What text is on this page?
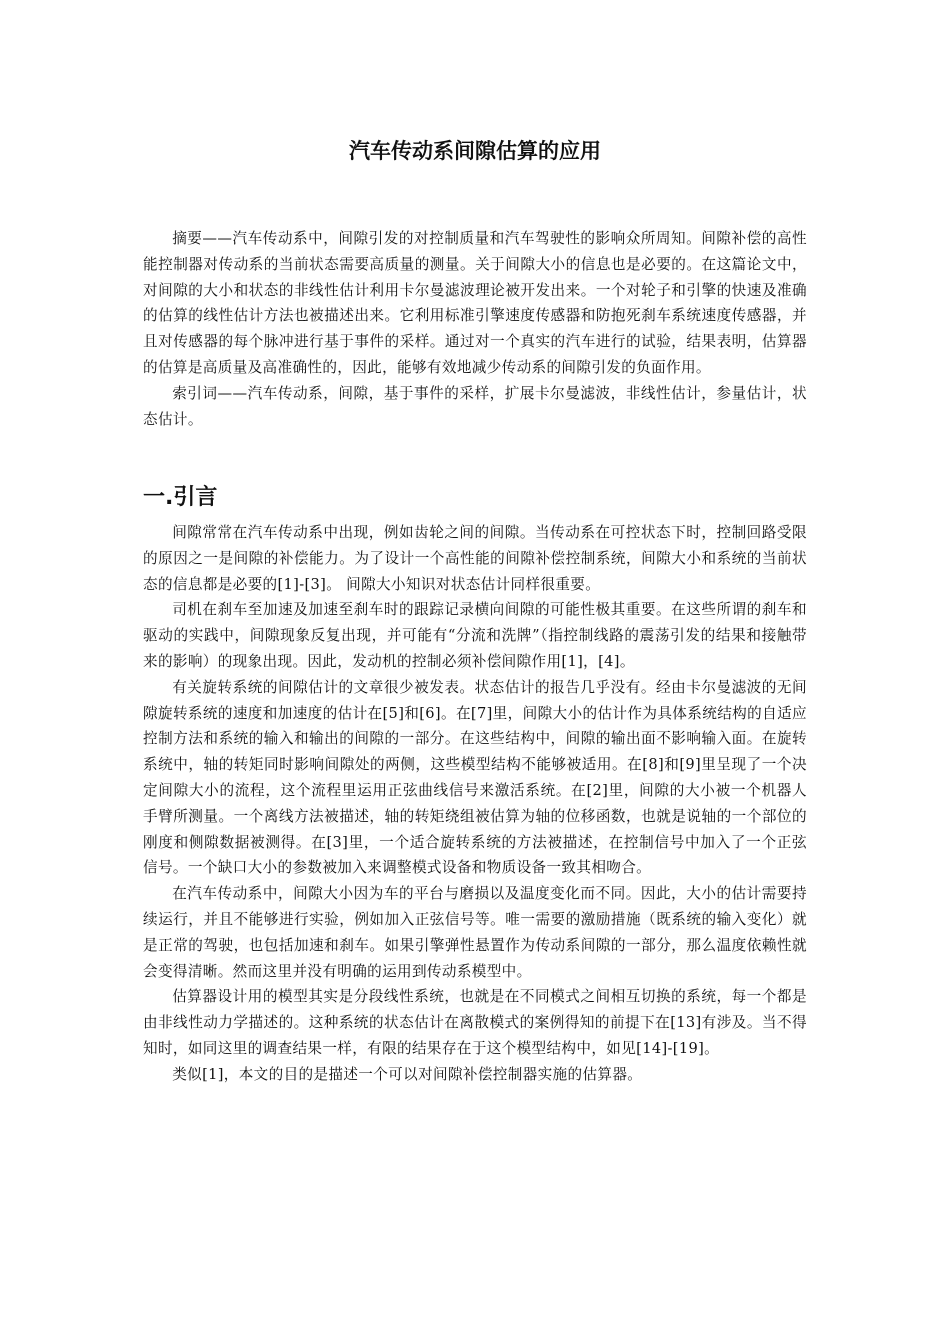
汽车传动系间隙估算的应用

摘要——汽车传动系中，间隙引发的对控制质量和汽车驾驶性的影响众所周知。间隙补偿的高性能控制器对传动系的当前状态需要高质量的测量。关于间隙大小的信息也是必要的。在这篇论文中，对间隙的大小和状态的非线性估计利用卡尔曼滤波理论被开发出来。一个对轮子和引擎的快速及准确的估算的线性估计方法也被描述出来。它利用标准引擎速度传感器和防抱死刹车系统速度传感器，并且对传感器的每个脉冲进行基于事件的采样。通过对一个真实的汽车进行的试验，结果表明，估算器的估算是高质量及高准确性的，因此，能够有效地减少传动系的间隙引发的负面作用。

索引词——汽车传动系，间隙，基于事件的采样，扩展卡尔曼滤波，非线性估计，参量估计，状态估计。

一.引言

间隙常常在汽车传动系中出现，例如齿轮之间的间隙。当传动系在可控状态下时，控制回路受限的原因之一是间隙的补偿能力。为了设计一个高性能的间隙补偿控制系统，间隙大小和系统的当前状态的信息都是必要的[1]-[3]。 间隙大小知识对状态估计同样很重要。

司机在刹车至加速及加速至刹车时的跟踪记录横向间隙的可能性极其重要。在这些所谓的刹车和驱动的实践中，间隙现象反复出现，并可能有“分流和洗牌”（指控制线路的震荡引发的结果和接触带来的影响）的现象出现。因此，发动机的控制必须补偿间隙作用[1]，[4]。

有关旋转系统的间隙估计的文章很少被发表。状态估计的报告几乎没有。经由卡尔曼滤波的无间隙旋转系统的速度和加速度的估计在[5]和[6]。在[7]里，间隙大小的估计作为具体系统结构的自适应控制方法和系统的输入和输出的间隙的一部分。在这些结构中，间隙的输出面不影响输入面。在旋转系统中，轴的转矩同时影响间隙处的两侧，这些模型结构不能够被适用。在[8]和[9]里呈现了一个决定间隙大小的流程，这个流程里运用正弦曲线信号来激活系统。在[2]里，间隙的大小被一个机器人手臂所测量。一个离线方法被描述，轴的转矩绕组被估算为轴的位移函数，也就是说轴的一个部位的刚度和侧隙数据被测得。在[3]里，一个适合旋转系统的方法被描述，在控制信号中加入了一个正弦信号。一个缺口大小的参数被加入来调整模式设备和物质设备一致其相吻合。

在汽车传动系中，间隙大小因为车的平台与磨损以及温度变化而不同。因此，大小的估计需要持续运行，并且不能够进行实验，例如加入正弦信号等。唯一需要的激励措施（既系统的输入变化）就是正常的驾驶，也包括加速和刹车。如果引擎弹性悬置作为传动系间隙的一部分，那么温度依赖性就会变得清晰。然而这里并没有明确的运用到传动系模型中。

估算器设计用的模型其实是分段线性系统，也就是在不同模式之间相互切换的系统，每一个都是由非线性动力学描述的。这种系统的状态估计在离散模式的案例得知的前提下在[13]有涉及。当不得知时，如同这里的调查结果一样，有限的结果存在于这个模型结构中，如见[14]-[19]。

类似[1]，本文的目的是描述一个可以对间隙补偿控制器实施的估算器。
